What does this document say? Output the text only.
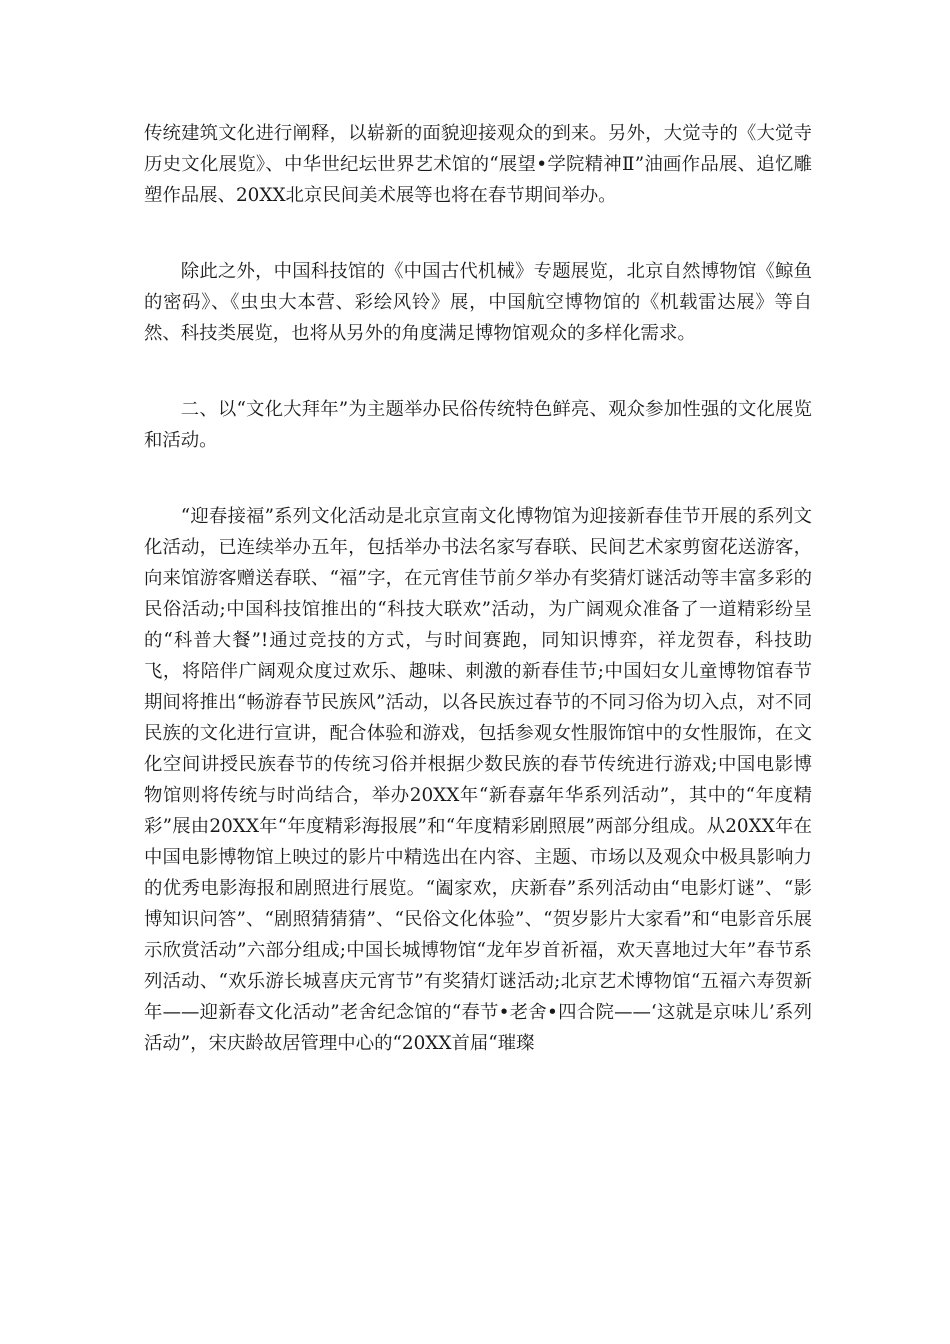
传统建筑文化进行阐释，以崭新的面貌迎接观众的到来。另外，大觉寺的《大觉寺历史文化展览》、中华世纪坛世界艺术馆的“展望•学院精神Ⅱ”油画作品展、追忆雕塑作品展、20XX北京民间美术展等也将在春节期间举办。

除此之外，中国科技馆的《中国古代机械》专题展览，北京自然博物馆《鲸鱼的密码》、《虫虫大本营、彩绘风铃》展，中国航空博物馆的《机载雷达展》等自然、科技类展览，也将从另外的角度满足博物馆观众的多样化需求。

二、以“文化大拜年”为主题举办民俗传统特色鲜亮、观众参加性强的文化展览和活动。

“迎春接福”系列文化活动是北京宣南文化博物馆为迎接新春佳节开展的系列文化活动，已连续举办五年，包括举办书法名家写春联、民间艺术家剪窗花送游客，向来馆游客赠送春联、“福”字，在元宵佳节前夕举办有奖猜灯谜活动等丰富多彩的民俗活动;中国科技馆推出的“科技大联欢”活动，为广阔观众准备了一道精彩纷呈的“科普大餐”!通过竞技的方式，与时间赛跑，同知识博弈，祥龙贺春，科技助飞，将陪伴广阔观众度过欢乐、趣味、刺激的新春佳节;中国妇女儿童博物馆春节期间将推出“畅游春节民族风”活动，以各民族过春节的不同习俗为切入点，对不同民族的文化进行宣讲，配合体验和游戏，包括参观女性服饰馆中的女性服饰，在文化空间讲授民族春节的传统习俗并根据少数民族的春节传统进行游戏;中国电影博物馆则将传统与时尚结合，举办20XX年“新春嘉年华系列活动”，其中的“年度精彩”展由20XX年“年度精彩海报展”和“年度精彩剧照展”两部分组成。从20XX年在中国电影博物馆上映过的影片中精选出在内容、主题、市场以及观众中极具影响力的优秀电影海报和剧照进行展览。“阖家欢，庆新春”系列活动由“电影灯谜”、“影博知识问答”、“剧照猜猜猜”、“民俗文化体验”、“贺岁影片大家看”和“电影音乐展示欣赏活动”六部分组成;中国长城博物馆“龙年岁首祈福，欢天喜地过大年”春节系列活动、“欢乐游长城喜庆元宵节”有奖猜灯谜活动;北京艺术博物馆“五福六寿贺新年——迎新春文化活动”老舍纪念馆的“春节•老舍•四合院——‘这就是京味儿’系列活动”，宋庆龄故居管理中心的“20XX首届“璀璨
